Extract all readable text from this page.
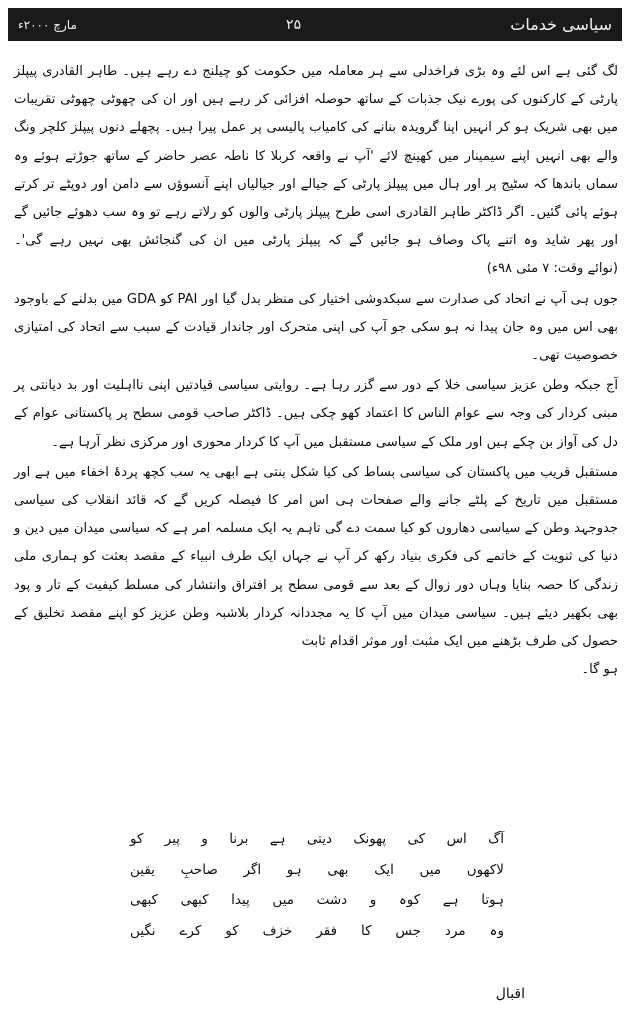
مارچ ۲۰۰۰ء	۲۵	سیاسی خدمات

لگ گئی ہے اس لئے وہ بڑی فراخدلی سے ہر معاملہ میں حکومت کو چیلنج دے رہے ہیں۔ طاہر القادری پیپلز پارٹی کے کارکنوں کی پورے نیک جذبات کے ساتھ حوصلہ افزائی کر رہے ہیں اور ان کی چھوٹی چھوٹی تقریبات میں بھی شریک ہو کر انہیں اپنا گرویدہ بنانے کی کامیاب پالیسی پر عمل پیرا ہیں۔ پچھلے دنوں پیپلز کلچر ونگ والے بھی انہیں اپنے سیمینار میں کھینچ لائے 'آپ نے واقعہ کربلا کا ناطہ عصر حاضر کے ساتھ جوڑتے ہوئے وہ سماں باندھا کہ سٹیج پر اور ہال میں پیپلز پارٹی کے جیالے اور جیالیاں اپنے آنسوؤں سے دامن اور دوپٹے تر کرتے ہوئے پائی گئیں۔ اگر ڈاکٹر طاہر القادری اسی طرح پیپلز پارٹی والوں کو رلاتے رہے تو وہ سب دھوئے جائیں گے اور پھر شاید وہ اتنے پاک وصاف ہو جائیں گے کہ پیپلز پارٹی میں ان کی گنجائش بھی نہیں رہے گی'۔ (نوائے وقت: ۷ مئی ۹۸ء)

جوں ہی آپ نے اتحاد کی صدارت سے سبکدوشی اختیار کی منظر بدل گیا اور PAI کو GDA میں بدلنے کے باوجود بھی اس میں وہ جان پیدا نہ ہو سکی جو آپ کی اپنی متحرک اور جاندار قیادت کے سبب سے اتحاد کی امتیازی خصوصیت تھی۔

آج جبکہ وطن عزیز سیاسی خلا کے دور سے گزر رہا ہے۔ روایتی سیاسی قیادتیں اپنی نااہلیت اور بد دیانتی پر مبنی کردار کی وجہ سے عوام الناس کا اعتماد کھو چکی ہیں۔ ڈاکٹر صاحب قومی سطح پر پاکستانی عوام کے دل کی آواز بن چکے ہیں اور ملک کے سیاسی مستقبل میں آپ کا کردار محوری اور مرکزی نظر آرہا ہے۔

مستقبل قریب میں پاکستان کی سیاسی بساط کی کیا شکل بنتی ہے ابھی یہ سب کچھ پردۂ اخفاء میں ہے اور مستقبل میں تاریخ کے پلٹے جانے والے صفحات ہی اس امر کا فیصلہ کریں گے کہ قائد انقلاب کی سیاسی جدوجہد وطن کے سیاسی دھاروں کو کیا سمت دے گی تاہم یہ ایک مسلمہ امر ہے کہ سیاسی میدان میں دین و دنیا کی ثنویت کے خاتمے کی فکری بنیاد رکھ کر آپ نے جہاں ایک طرف انبیاء کے مقصد بعثت کو ہماری ملی زندگی کا حصہ بنایا وہاں دور زوال کے بعد سے قومی سطح پر افتراق وانتشار کی مسلط کیفیت کے تار و پود بھی بکھیر دیئے ہیں۔ سیاسی میدان میں آپ کا یہ مجددانہ کردار بلاشبہ وطن عزیز کو اپنے مقصد تخلیق کے حصول کی طرف بڑھنے میں ایک مثبت اور موثر اقدام ثابت

ہو گا۔

آگ اس کی پھونک دیتی ہے برنا و پیر کو
لاکھوں میں ایک بھی ہو اگر صاحبِ یقین
ہوتا ہے کوہ و دشت میں پیدا کبھی کبھی
وہ مرد جس کا فقر خزف کو کرے نگیں
اقبال
